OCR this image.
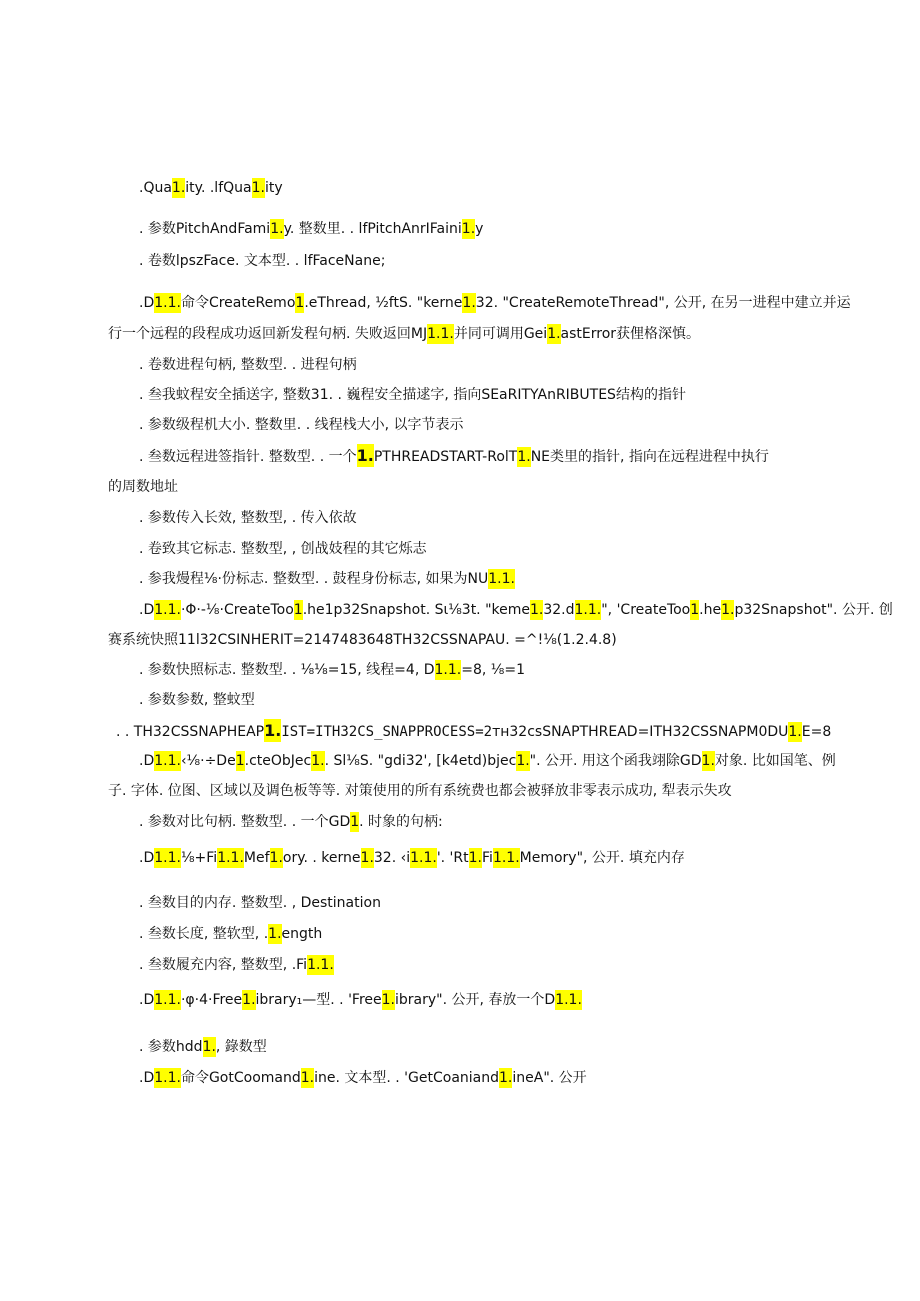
.Qua1.ity. .lfQua1.ity
. 参数PitchAndFami1.y. 整数里. . lfPitchAnrIFaini1.y
. 卷数lpszFace. 文本型. . lfFaceNane;
.D1.1.命令CreateRemo1.eThread, ½ftS. "kerne1.32. "CreateRemoteThread", 公开, 在另一进程中建立并运
行一个远程的段程成功返回新发程句柄. 失败返回MJ1.1.并同可调用Gei1.astError获俚格深慎。
. 卷数进程句柄, 整数型. . 进程句柄
. 叁我蚊程安全插送字, 整数31. . 巍程安全描逑字, 指向SEaRITYAnRIBUTES结构的指针
. 参数级程机大小. 整数里. . 线程栈大小, 以字节表示
. 叁数远程进签指针. 整数型. . 一个1.PTHREADSTART-RolT1.NE类里的指针, 指向在远程进程中执行
的周数地址
. 参数传入长效, 整数型, . 传入依故
. 卷致其它标志. 整数型, , 创战妓程的其它烁志
. 参我熳程⅛·份标志. 整数型. . 鼓程身份标志, 如果为NU1.1.
.D1.1.·Φ·-⅛·CreateToo1.he1p32Snapshot. Sι⅛3t. "keme1.32.d1.1.", 'CreateToo1.he1.p32Snapshot". 公开. 创
赛系统快照11l32CSINHERIT=2147483648TH32CSSNAPAU. =^!⅛(1.2.4.8)
. 参数快照标志. 整数型. . ⅛⅛=15, 线程=4, D1.1.=8, ⅛=1
. 参数参数, 整蚊型
. . TH32CSSNAPHEAP1.IST=ITH32CS_SNAPPROCESS=2тн32csSNAPTHREAD=ITH32CSSNAPM0DU1.E=8
.D1.1.‹⅛·÷De1.cteObJec1.. Sl⅛S. "gdi32', [k4etd)bjec1.". 公开. 用这个函我翊除GD1.对象. 比如国笔、例
子. 字体. 位图、区域以及调色板等等. 对策使用的所有系统费也都会被驿放非零表示成功, 犁表示失攻
. 参数对比句柄. 整数型. . 一个GD1. 时象的句柄:
.D1.1.⅛+Fi1.1.Mef1.ory. . kerne1.32. ‹i1.1.'. 'Rt1.Fi1.1.Memory", 公开. 填充内存
. 叁数目的内存. 整数型. , Destination
. 叁数长度, 整软型, .1.ength
. 叁数履充内容, 整数型, .Fi1.1.
.D1.1.·φ·4·Free1.ibrary₁—型. . 'Free1.ibrary". 公开, 春放一个D1.1.
. 参数hdd1., 錄数型
.D1.1.命令GotCoomand1.ine. 文本型. . 'GetCoaniand1.ineA". 公开
